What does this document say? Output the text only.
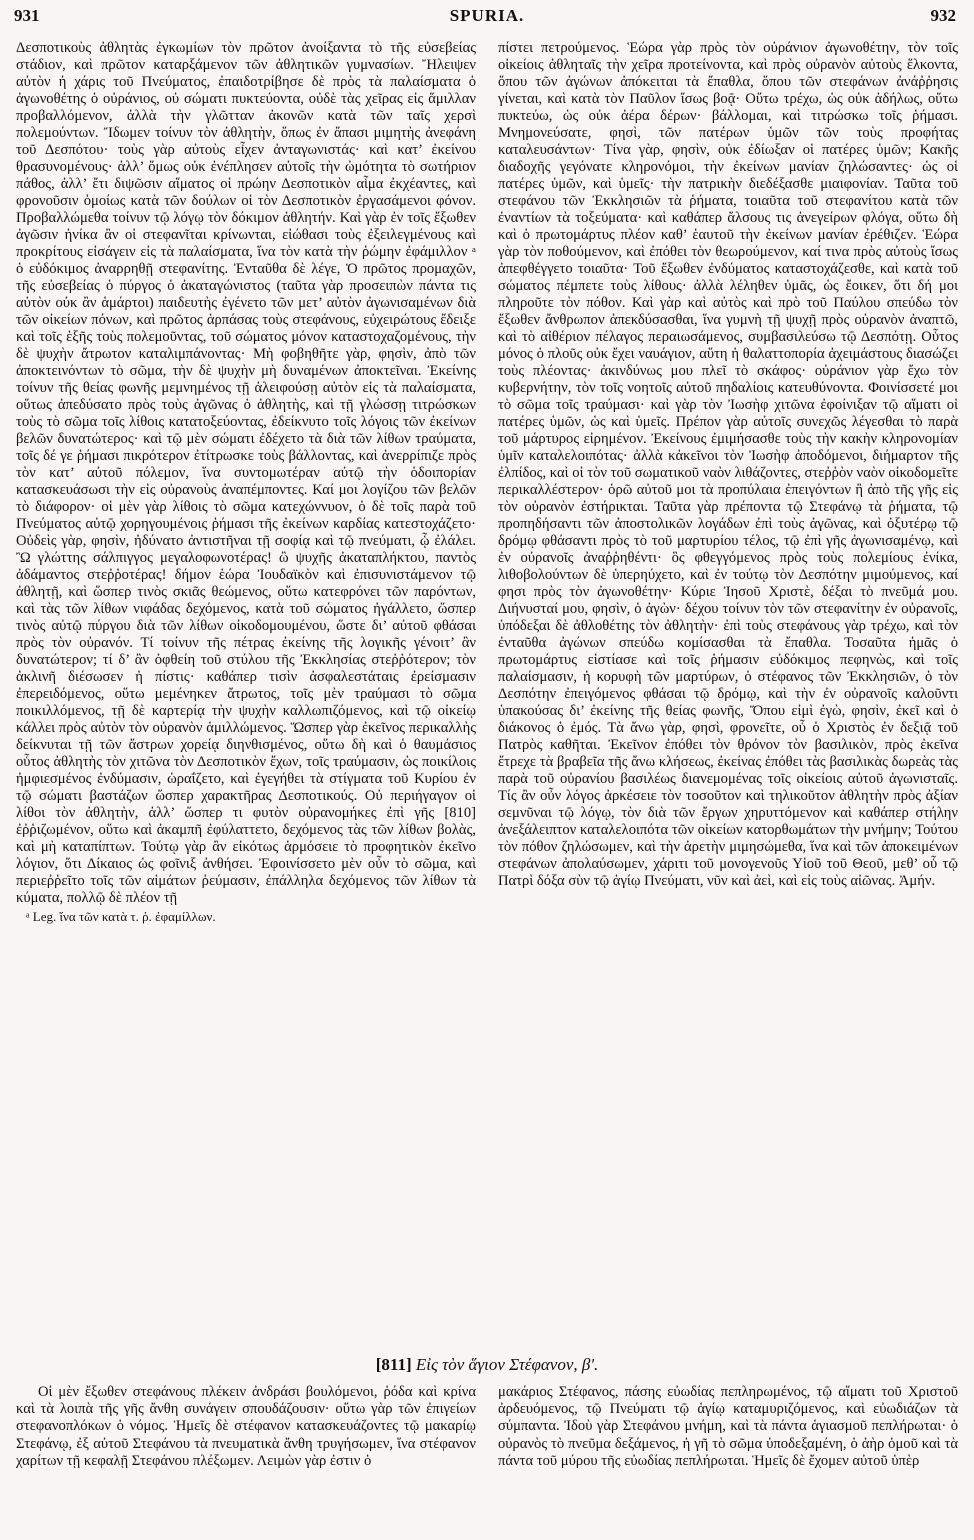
931	SPURIA.	932

Δεσποτικοὺς ἀθλητὰς ἐγκωμίων τὸν πρῶτον ἀνοίξαντα τὸ τῆς εὐσεβείας στάδιον, καὶ πρῶτον καταρξάμενον τῶν ἀθλητικῶν γυμνασίων. Ἤλειψεν αὐτὸν ἡ χάρις τοῦ Πνεύματος, ἐπαιδοτρίβησε δὲ πρὸς τὰ παλαίσματα ὁ ἀγωνοθέτης ὁ οὐράνιος, οὐ σώματι πυκτεύοντα, οὐδὲ τὰς χεῖρας εἰς ἅμιλλαν προβαλλόμενον, ἀλλὰ τὴν γλῶτταν ἀκονῶν κατὰ τῶν ταῖς χερσὶ πολεμούντων. Ἴδωμεν τοίνυν τὸν ἀθλητὴν, ὅπως ἐν ἅπασι μιμητὴς ἀνεφάνη τοῦ Δεσπότου· τοὺς γὰρ αὐτοὺς εἶχεν ἀνταγωνιστάς· καὶ κατ’ ἐκείνου θρασυνομένους· ἀλλ’ ὅμως οὐκ ἐνέπλησεν αὐτοῖς τὴν ὠμότητα τὸ σωτήριον πάθος, ἀλλ’ ἔτι διψῶσιν αἵματος οἱ πρώην Δεσποτικὸν αἷμα ἐκχέαντες, καὶ φρονοῦσιν ὁμοίως κατὰ τῶν δούλων οἱ τὸν Δεσποτικὸν ἐργασάμενοι φόνον. Προβαλλώμεθα τοίνυν τῷ λόγῳ τὸν δόκιμον ἀθλητήν. Καὶ γὰρ ἐν τοῖς ἔξωθεν ἀγῶσιν ἡνίκα ἂν οἱ στεφανῖται κρίνωνται, εἰώθασι τοὺς ἐξειλεγμένους καὶ προκρίτους εἰσάγειν εἰς τὰ παλαίσματα, ἵνα τὸν κατὰ τὴν ῥώμην ἐφάμιλλον ᵃ ὁ εὐδόκιμος ἀναρρηθῇ στεφανίτης. Ἐνταῦθα δὲ λέγε, Ὁ πρῶτος προμαχῶν, τῆς εὐσεβείας ὁ πύργος ὁ ἀκαταγώνιστος (ταῦτα γὰρ προσειπὼν πάντα τις αὐτὸν οὐκ ἂν ἁμάρτοι) παιδευτὴς ἐγένετο τῶν μετ’ αὐτὸν ἀγωνισαμένων διὰ τῶν οἰκείων πόνων, καὶ πρῶτος ἁρπάσας τοὺς στεφάνους, εὐχειρώτους ἔδειξε καὶ τοῖς ἑξῆς τοὺς πολεμοῦντας, τοῦ σώματος μόνον καταστοχαζομένους, τὴν δὲ ψυχὴν ἄτρωτον καταλιμπάνοντας· Μὴ φοβηθῆτε γὰρ, φησὶν, ἀπὸ τῶν ἀποκτεινόντων τὸ σῶμα, τὴν δὲ ψυχὴν μὴ δυναμένων ἀποκτεῖναι. Ἐκείνης τοίνυν τῆς θείας φωνῆς μεμνημένος τῇ ἀλειφούσῃ αὐτὸν εἰς τὰ παλαίσματα, οὕτως ἀπεδύσατο πρὸς τοὺς ἀγῶνας ὁ ἀθλητὴς, καὶ τῇ γλώσσῃ τιτρώσκων τοὺς τὸ σῶμα τοῖς λίθοις κατατοξεύοντας, ἐδείκνυτο τοῖς λόγοις τῶν ἐκείνων βελῶν δυνατώτερος· καὶ τῷ μὲν σώματι ἐδέχετο τὰ διὰ τῶν λίθων τραύματα, τοῖς δέ γε ῥήμασι πικρότερον ἐτίτρωσκε τοὺς βάλλοντας, καὶ ἀνερρίπιζε πρὸς τὸν κατ’ αὐτοῦ πόλεμον, ἵνα συντομωτέραν αὐτῷ τὴν ὁδοιπορίαν κατασκευάσωσι τὴν εἰς οὐρανοὺς ἀναπέμποντες. Καί μοι λογίζου τῶν βελῶν τὸ διάφορον· οἱ μὲν γὰρ λίθοις τὸ σῶμα κατεχώννυον, ὁ δὲ τοῖς παρὰ τοῦ Πνεύματος αὐτῷ χορηγουμένοις ῥήμασι τῆς ἐκείνων καρδίας κατεστοχάζετο· Οὐδεὶς γὰρ, φησὶν, ἠδύνατο ἀντιστῆναι τῇ σοφίᾳ καὶ τῷ πνεύματι, ᾧ ἐλάλει. Ὢ γλώττης σάλπιγγος μεγαλοφωνοτέρας! ὢ ψυχῆς ἀκαταπλήκτου, παντὸς ἀδάμαντος στεῤῥοτέρας! δήμον ἑώρα Ἰουδαϊκὸν καὶ ἐπισυνιστάμενον τῷ ἀθλητῇ, καὶ ὥσπερ τινὸς σκιᾶς θεώμενος, οὕτω κατεφρόνει τῶν παρόντων, καὶ τὰς τῶν λίθων νιφάδας δεχόμενος, κατὰ τοῦ σώματος ἠγάλλετο, ὥσπερ τινὸς αὐτῷ πύργου διὰ τῶν λίθων οἰκοδομουμένου, ὥστε δι’ αὐτοῦ φθάσαι πρὸς τὸν οὐρανόν. Τί τοίνυν τῆς πέτρας ἐκείνης τῆς λογικῆς γένοιτ’ ἂν δυνατώτερον; τί δ’ ἂν ὀφθείη τοῦ στύλου τῆς Ἐκκλησίας στεῤῥότερον; τὸν ἀκλινῆ διέσωσεν ἡ πίστις· καθάπερ τισὶν ἀσφαλεστάταις ἐρείσμασιν ἐπερειδόμενος, οὕτω μεμένηκεν ἄτρωτος, τοῖς μὲν τραύμασι τὸ σῶμα ποικιλλόμενος, τῇ δὲ καρτερίᾳ τὴν ψυχὴν καλλωπιζόμενος, καὶ τῷ οἰκείῳ κάλλει πρὸς αὐτὸν τὸν οὐρανὸν ἁμιλλώμενος. Ὥσπερ γὰρ ἐκεῖνος περικαλλὴς δείκνυται τῇ τῶν ἄστρων χορείᾳ διηνθισμένος, οὕτω δὴ καὶ ὁ θαυμάσιος οὗτος ἀθλητὴς τὸν χιτῶνα τὸν Δεσποτικὸν ἔχων, τοῖς τραύμασιν, ὡς ποικίλοις ἠμφιεσμένος ἐνδύμασιν, ὡραΐζετο, καὶ ἐγεγήθει τὰ στίγματα τοῦ Κυρίου ἐν τῷ σώματι βαστάζων ὥσπερ χαρακτῆρας Δεσποτικούς. Οὐ περιήγαγον οἱ λίθοι τὸν ἀθλητὴν, ἀλλ’ ὥσπερ τι φυτὸν οὐρανομήκες ἐπὶ γῆς [810] ἐῤῥιζωμένον, οὕτω καὶ ἀκαμπῆ ἐφύλαττετο, δεχόμενος τὰς τῶν λίθων βολὰς, καὶ μὴ καταπίπτων. Τούτῳ γὰρ ἂν εἰκότως ἁρμόσειε τὸ προφητικὸν ἐκεῖνο λόγιον, ὅτι Δίκαιος ὡς φοῖνιξ ἀνθήσει. Ἐφοινίσσετο μὲν οὖν τὸ σῶμα, καὶ περιεῤῥεῖτο τοῖς τῶν αἱμάτων ῥεύμασιν, ἐπάλληλα δεχόμενος τῶν λίθων τὰ κύματα, πολλῷ δὲ πλέον τῇ

ᵃ Leg. ἵνα τῶν κατὰ τ. ῥ. ἐφαμίλλων.

πίστει πετρούμενος. Ἑώρα γὰρ πρὸς τὸν οὐράνιον ἀγωνοθέτην, τὸν τοῖς οἰκείοις ἀθληταῖς τὴν χεῖρα προτείνοντα, καὶ πρὸς οὐρανὸν αὐτοὺς ἕλκοντα, ὅπου τῶν ἀγώνων ἀπόκειται τὰ ἔπαθλα, ὅπου τῶν στεφάνων ἀνάῤῥησις γίνεται, καὶ κατὰ τὸν Παῦλον ἴσως βοᾷ· Οὕτω τρέχω, ὡς οὐκ ἀδήλως, οὕτω πυκτεύω, ὡς οὐκ ἀέρα δέρων· βάλλομαι, καὶ τιτρώσκω τοῖς ῥήμασι. Μνημονεύσατε, φησὶ, τῶν πατέρων ὑμῶν τῶν τοὺς προφήτας καταλευσάντων· Τίνα γὰρ, φησὶν, οὐκ ἐδίωξαν οἱ πατέρες ὑμῶν; Κακῆς διαδοχῆς γεγόνατε κληρονόμοι, τὴν ἐκείνων μανίαν ζηλώσαντες· ὡς οἱ πατέρες ὑμῶν, καὶ ὑμεῖς· τὴν πατρικὴν διεδέξασθε μιαιφονίαν. Ταῦτα τοῦ στεφάνου τῶν Ἐκκλησιῶν τὰ ῥήματα, τοιαῦτα τοῦ στεφανίτου κατὰ τῶν ἐναντίων τὰ τοξεύματα· καὶ καθάπερ ἄλσους τις ἀνεγείρων φλόγα, οὕτω δὴ καὶ ὁ πρωτομάρτυς πλέον καθ’ ἑαυτοῦ τὴν ἐκείνων μανίαν ἐρέθιζεν. Ἑώρα γὰρ τὸν ποθούμενον, καὶ ἐπόθει τὸν θεωρούμενον, καί τινα πρὸς αὐτοὺς ἴσως ἀπεφθέγγετο τοιαῦτα· Τοῦ ἔξωθεν ἐνδύματος καταστοχάζεσθε, καὶ κατὰ τοῦ σώματος πέμπετε τοὺς λίθους· ἀλλὰ λέληθεν ὑμᾶς, ὡς ἔοικεν, ὅτι δή μοι πληροῦτε τὸν πόθον. Καὶ γὰρ καὶ αὐτὸς καὶ πρὸ τοῦ Παύλου σπεύδω τὸν ἔξωθεν ἄνθρωπον ἀπεκδύσασθαι, ἵνα γυμνὴ τῇ ψυχῇ πρὸς οὐρανὸν ἀναπτῶ, καὶ τὸ αἰθέριον πέλαγος περαιωσάμενος, συμβασιλεύσω τῷ Δεσπότῃ. Οὗτος μόνος ὁ πλοῦς οὐκ ἔχει ναυάγιον, αὕτη ἡ θαλαττοπορία ἀχειμάστους διασώζει τοὺς πλέοντας· ἀκινδύνως μου πλεῖ τὸ σκάφος· οὐράνιον γὰρ ἔχω τὸν κυβερνήτην, τὸν τοῖς νοητοῖς αὐτοῦ πηδαλίοις κατευθύνοντα. Φοινίσσετέ μοι τὸ σῶμα τοῖς τραύμασι· καὶ γὰρ τὸν Ἰωσὴφ χιτῶνα ἐφοίνιξαν τῷ αἵματι οἱ πατέρες ὑμῶν, ὡς καὶ ὑμεῖς. Πρέπον γὰρ αὐτοῖς συνεχῶς λέγεσθαι τὸ παρὰ τοῦ μάρτυρος εἰρημένον. Ἐκείνους ἐμιμήσασθε τοὺς τὴν κακὴν κληρονομίαν ὑμῖν καταλελοιπότας· ἀλλὰ κἀκεῖνοι τὸν Ἰωσὴφ ἀποδόμενοι, διήμαρτον τῆς ἐλπίδος, καὶ οἱ τὸν τοῦ σωματικοῦ ναὸν λιθάζοντες, στεῤῥὸν ναὸν οἰκοδομεῖτε περικαλλέστερον· ὁρῶ αὐτοῦ μοι τὰ προπύλαια ἐπειγόντων ἢ ἀπὸ τῆς γῆς εἰς τὸν οὐρανὸν ἐστήρικται. Ταῦτα γὰρ πρέποντα τῷ Στεφάνῳ τὰ ῥήματα, τῷ προπηδήσαντι τῶν ἀποστολικῶν λογάδων ἐπὶ τοὺς ἀγῶνας, καὶ ὀξυτέρῳ τῷ δρόμῳ φθάσαντι πρὸς τὸ τοῦ μαρτυρίου τέλος, τῷ ἐπὶ γῆς ἀγωνισαμένῳ, καὶ ἐν οὐρανοῖς ἀναῤῥηθέντι· ὃς φθεγγόμενος πρὸς τοὺς πολεμίους ἐνίκα, λιθοβολούντων δὲ ὑπερηύχετο, καὶ ἐν τούτῳ τὸν Δεσπότην μιμούμενος, καί φησι πρὸς τὸν ἀγωνοθέτην· Κύριε Ἰησοῦ Χριστὲ, δέξαι τὸ πνεῦμά μου. Διήνυσταί μου, φησὶν, ὁ ἀγὼν· δέχου τοίνυν τὸν τῶν στεφανίτην ἐν οὐρανοῖς, ὑπόδεξαι δὲ ἀθλοθέτης τὸν ἀθλητὴν· ἐπὶ τοὺς στεφάνους γὰρ τρέχω, καὶ τὸν ἐνταῦθα ἀγώνων σπεύδω κομίσασθαι τὰ ἔπαθλα. Τοσαῦτα ἡμᾶς ὁ πρωτομάρτυς εἱστίασε καὶ τοῖς ῥήμασιν εὐδόκιμος πεφηνὼς, καὶ τοῖς παλαίσμασιν, ἡ κορυφὴ τῶν μαρτύρων, ὁ στέφανος τῶν Ἐκκλησιῶν, ὁ τὸν Δεσπότην ἐπειγόμενος φθάσαι τῷ δρόμῳ, καὶ τὴν ἐν οὐρανοῖς καλοῦντι ὑπακούσας δι’ ἐκείνης τῆς θείας φωνῆς, Ὅπου εἰμὶ ἐγὼ, φησὶν, ἐκεῖ καὶ ὁ διάκονος ὁ ἐμός. Τὰ ἄνω γὰρ, φησὶ, φρονεῖτε, οὗ ὁ Χριστὸς ἐν δεξιᾷ τοῦ Πατρὸς καθῆται. Ἐκεῖνον ἐπόθει τὸν θρόνον τὸν βασιλικὸν, πρὸς ἐκεῖνα ἔτρεχε τὰ βραβεῖα τῆς ἄνω κλήσεως, ἐκείνας ἐπόθει τὰς βασιλικὰς δωρεὰς τὰς παρὰ τοῦ οὐρανίου βασιλέως διανεμομένας τοῖς οἰκείοις αὐτοῦ ἀγωνισταῖς. Τίς ἂν οὖν λόγος ἀρκέσειε τὸν τοσοῦτον καὶ τηλικοῦτον ἀθλητὴν πρὸς ἀξίαν σεμνῦναι τῷ λόγῳ, τὸν διὰ τῶν ἔργων χηρυττόμενον καὶ καθάπερ στήλην ἀνεξάλειπτον καταλελοιπότα τῶν οἰκείων κατορθωμάτων τὴν μνήμην; Τούτου τὸν πόθον ζηλώσωμεν, καὶ τὴν ἀρετὴν μιμησώμεθα, ἵνα καὶ τῶν ἀποκειμένων στεφάνων ἀπολαύσωμεν, χάριτι τοῦ μονογενοῦς Υἱοῦ τοῦ Θεοῦ, μεθ’ οὗ τῷ Πατρὶ δόξα σὺν τῷ ἁγίῳ Πνεύματι, νῦν καὶ ἀεὶ, καὶ εἰς τοὺς αἰῶνας. Ἀμήν.

[811] Εἰς τὸν ἅγιον Στέφανον, β'.
Οἱ μὲν ἔξωθεν στεφάνους πλέκειν ἀνδράσι βουλόμενοι, ῥόδα καὶ κρίνα καὶ τὰ λοιπὰ τῆς γῆς ἄνθη συνάγειν σπουδάζουσιν· οὕτω γὰρ τῶν ἐπιγείων στεφανοπλόκων ὁ νόμος. Ἡμεῖς δὲ στέφανον κατασκευάζοντες τῷ μακαρίῳ Στεφάνῳ, ἐξ αὐτοῦ Στεφάνου τὰ πνευματικὰ ἄνθη τρυγήσωμεν, ἵνα στέφανον χαρίτων τῇ κεφαλῇ Στεφάνου πλέξωμεν. Λειμὼν γὰρ ἐστιν ὁ
μακάριος Στέφανος, πάσης εὐωδίας πεπληρωμένος, τῷ αἵματι τοῦ Χριστοῦ ἀρδευόμενος, τῷ Πνεύματι τῷ ἁγίῳ καταμυριζόμενος, καὶ εὐωδιάζων τὰ σύμπαντα. Ἰδοὺ γὰρ Στεφάνου μνήμη, καὶ τὰ πάντα ἁγιασμοῦ πεπλήρωται· ὁ οὐρανὸς τὸ πνεῦμα δεξάμενος, ἡ γῆ τὸ σῶμα ὑποδεξαμένη, ὁ ἀὴρ ὁμοῦ καὶ τὰ πάντα τοῦ μύρου τῆς εὐωδίας πεπλήρωται. Ἡμεῖς δὲ ἔχομεν αὐτοῦ ὑπὲρ
